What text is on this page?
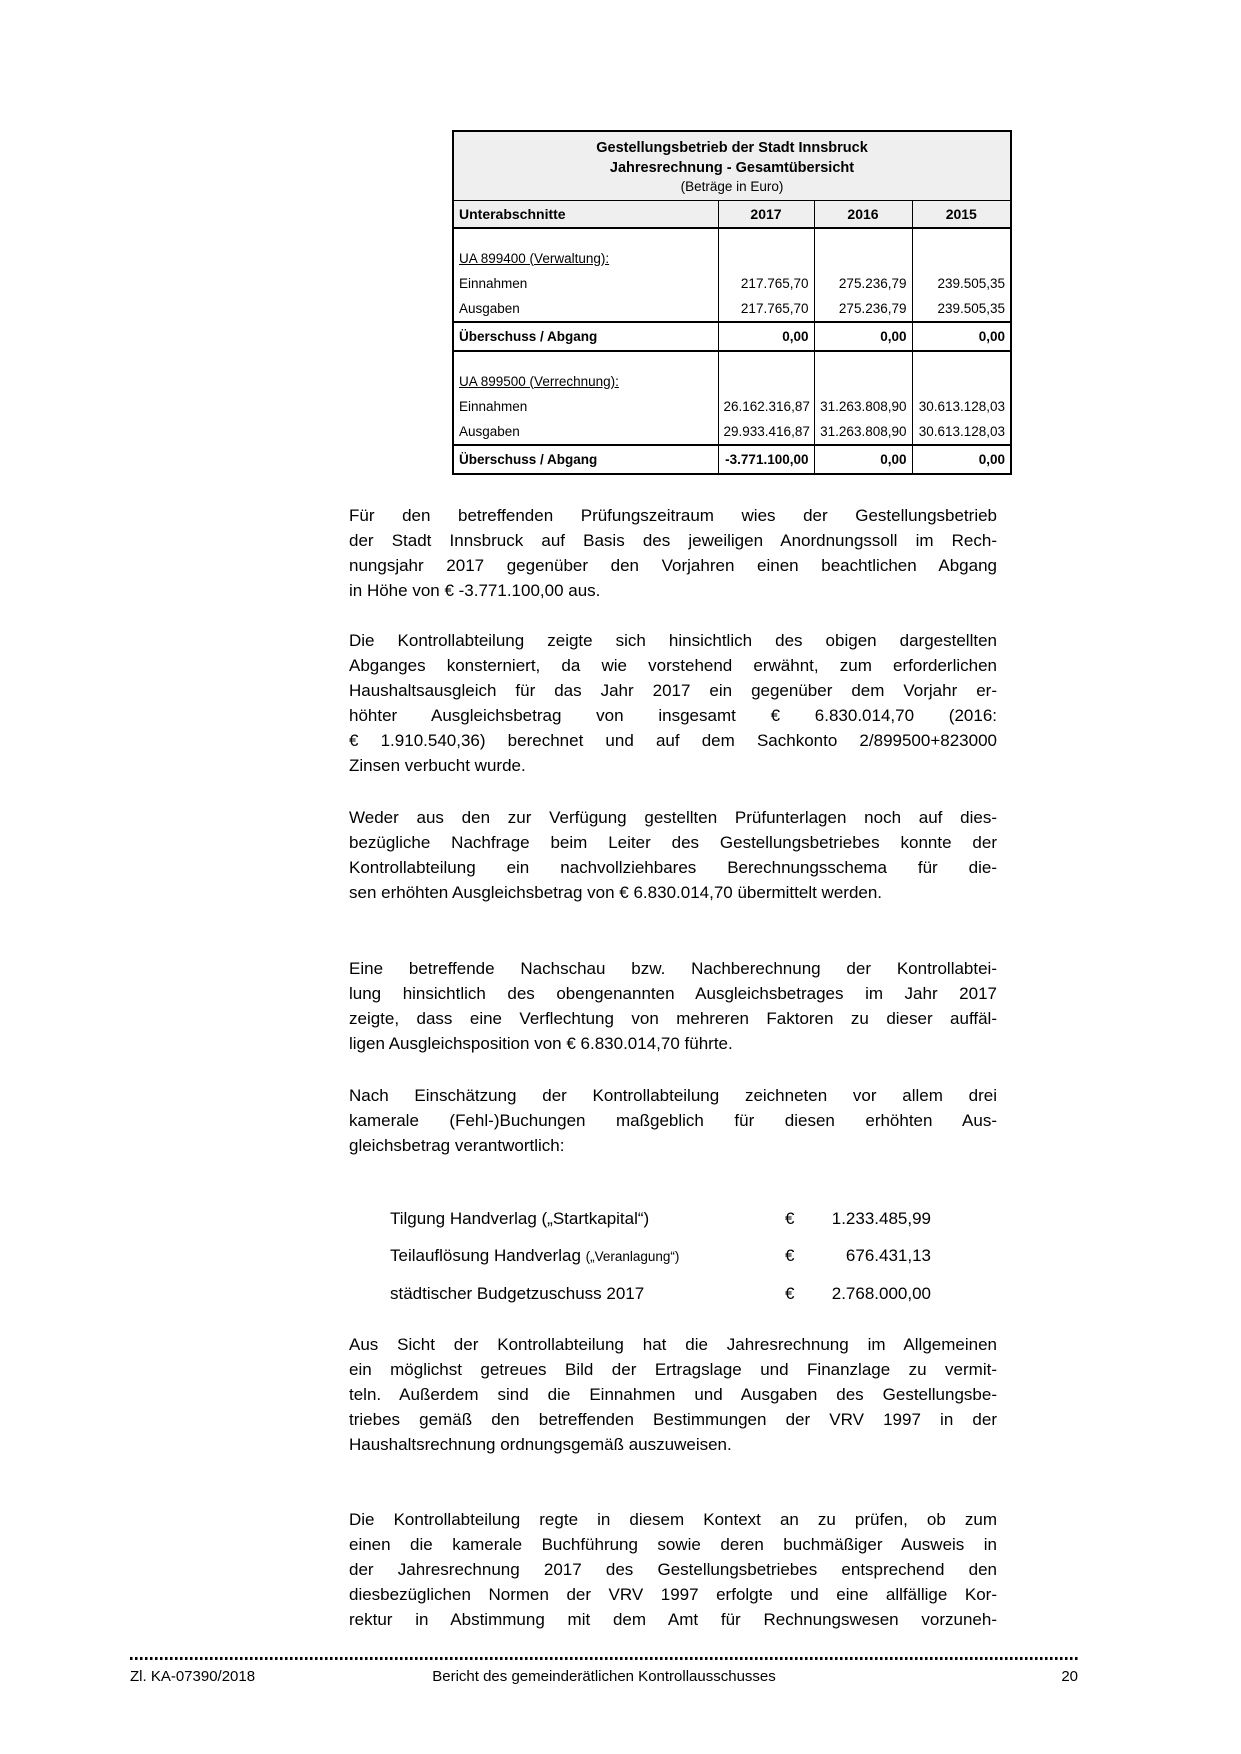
Gestellungsbetrieb der Stadt Innsbruck
Jahresrechnung - Gesamtübersicht
(Beträge in Euro)			

Unterabschnitte	2017	2016	2015

UA 899400 (Verwaltung):			
Einnahmen	217.765,70	275.236,79	239.505,35
Ausgaben	217.765,70	275.236,79	239.505,35
Überschuss / Abgang	0,00	0,00	0,00

UA 899500 (Verrechnung):			
Einnahmen	26.162.316,87	31.263.808,90	30.613.128,03
Ausgaben	29.933.416,87	31.263.808,90	30.613.128,03
Überschuss / Abgang	-3.771.100,00	0,00	0,00

Für den betreffenden Prüfungszeitraum wies der Gestellungsbetrieb
der Stadt Innsbruck auf Basis des jeweiligen Anordnungssoll im Rech-
nungsjahr 2017 gegenüber den Vorjahren einen beachtlichen Abgang
in Höhe von € -3.771.100,00 aus.

Die Kontrollabteilung zeigte sich hinsichtlich des obigen dargestellten
Abganges konsterniert, da wie vorstehend erwähnt, zum erforderlichen
Haushaltsausgleich für das Jahr 2017 ein gegenüber dem Vorjahr er-
höhter Ausgleichsbetrag von insgesamt € 6.830.014,70 (2016:
€ 1.910.540,36) berechnet und auf dem Sachkonto 2/899500+823000
Zinsen verbucht wurde.

Weder aus den zur Verfügung gestellten Prüfunterlagen noch auf dies-
bezügliche Nachfrage beim Leiter des Gestellungsbetriebes konnte der
Kontrollabteilung ein nachvollziehbares Berechnungsschema für die-
sen erhöhten Ausgleichsbetrag von € 6.830.014,70 übermittelt werden.

Eine betreffende Nachschau bzw. Nachberechnung der Kontrollabtei-
lung hinsichtlich des obengenannten Ausgleichsbetrages im Jahr 2017
zeigte, dass eine Verflechtung von mehreren Faktoren zu dieser auffäl-
ligen Ausgleichsposition von € 6.830.014,70 führte.

Nach Einschätzung der Kontrollabteilung zeichneten vor allem drei
kamerale (Fehl-)Buchungen maßgeblich für diesen erhöhten Aus-
gleichsbetrag verantwortlich:

Tilgung Handverlag („Startkapital“)	€	1.233.485,99
Teilauflösung Handverlag („Veranlagung“)	€	676.431,13
städtischer Budgetzuschuss 2017	€	2.768.000,00

Aus Sicht der Kontrollabteilung hat die Jahresrechnung im Allgemeinen
ein möglichst getreues Bild der Ertragslage und Finanzlage zu vermit-
teln. Außerdem sind die Einnahmen und Ausgaben des Gestellungsbe-
triebes gemäß den betreffenden Bestimmungen der VRV 1997 in der
Haushaltsrechnung ordnungsgemäß auszuweisen.

Die Kontrollabteilung regte in diesem Kontext an zu prüfen, ob zum
einen die kamerale Buchführung sowie deren buchmäßiger Ausweis in
der Jahresrechnung 2017 des Gestellungsbetriebes entsprechend den
diesbezüglichen Normen der VRV 1997 erfolgte und eine allfällige Kor-
rektur in Abstimmung mit dem Amt für Rechnungswesen vorzuneh-

Zl. KA-07390/2018	Bericht des gemeinderätlichen Kontrollausschusses	20
